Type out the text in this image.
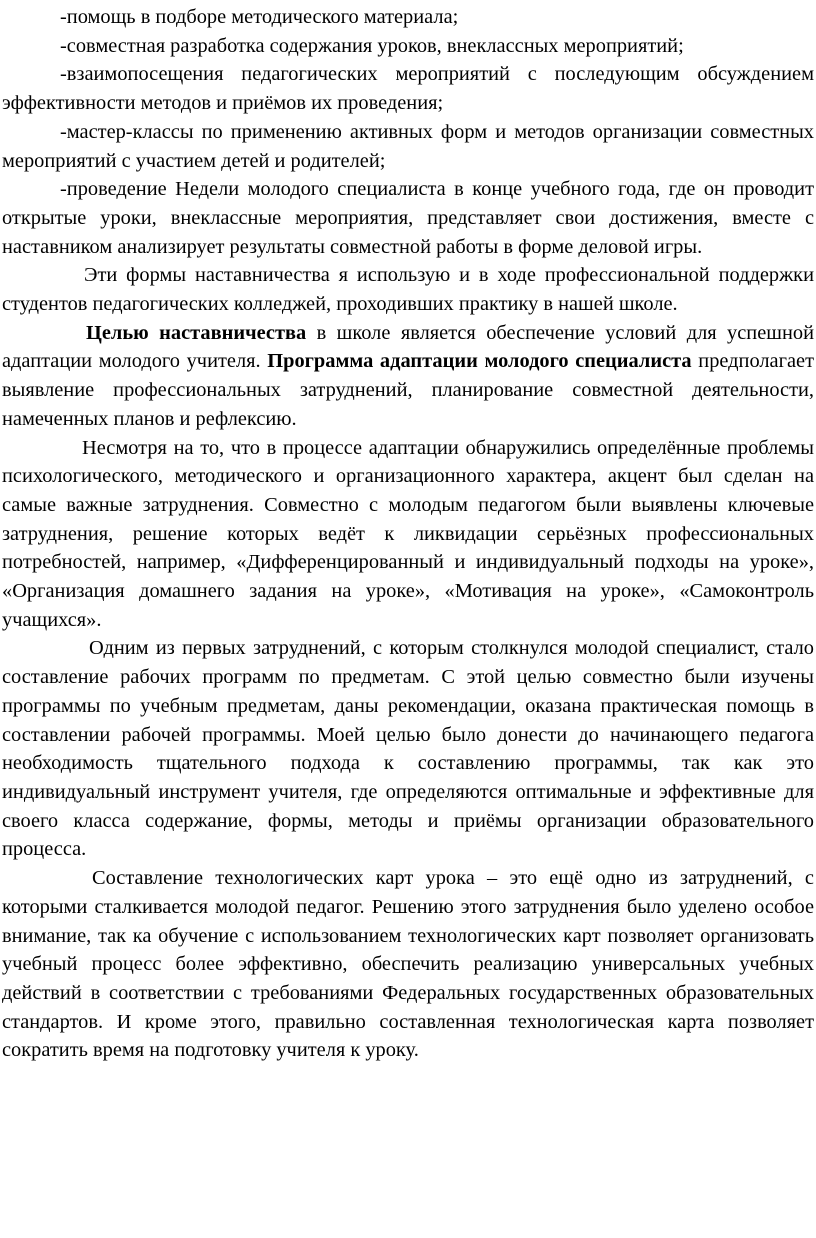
-помощь в подборе методического материала;

-совместная разработка содержания уроков, внеклассных мероприятий;

-взаимопосещения педагогических мероприятий с последующим обсуждением эффективности методов и приёмов их проведения;

-мастер-классы по применению активных форм и методов организации совместных мероприятий с участием детей и родителей;

-проведение Недели молодого специалиста в конце учебного года, где он проводит открытые уроки, внеклассные мероприятия, представляет свои достижения, вместе с наставником анализирует результаты совместной работы в форме деловой игры.

Эти формы наставничества я использую и в ходе профессиональной поддержки студентов педагогических колледжей, проходивших практику в нашей школе.

Целью наставничества в школе является обеспечение условий для успешной адаптации молодого учителя. Программа адаптации молодого специалиста предполагает выявление профессиональных затруднений, планирование совместной деятельности, намеченных планов и рефлексию.

Несмотря на то, что в процессе адаптации обнаружились определённые проблемы психологического, методического и организационного характера, акцент был сделан на самые важные затруднения. Совместно с молодым педагогом были выявлены ключевые затруднения, решение которых ведёт к ликвидации серьёзных профессиональных потребностей, например, «Дифференцированный и индивидуальный подходы на уроке», «Организация домашнего задания на уроке», «Мотивация на уроке», «Самоконтроль учащихся».

Одним из первых затруднений, с которым столкнулся молодой специалист, стало составление рабочих программ по предметам. С этой целью совместно были изучены программы по учебным предметам, даны рекомендации, оказана практическая помощь в составлении рабочей программы. Моей целью было донести до начинающего педагога необходимость тщательного подхода к составлению программы, так как это индивидуальный инструмент учителя, где определяются оптимальные и эффективные для своего класса содержание, формы, методы и приёмы организации образовательного процесса.

Составление технологических карт урока – это ещё одно из затруднений, с которыми сталкивается молодой педагог. Решению этого затруднения было уделено особое внимание, так ка обучение с использованием технологических карт позволяет организовать учебный процесс более эффективно, обеспечить реализацию универсальных учебных действий в соответствии с требованиями Федеральных государственных образовательных стандартов. И кроме этого, правильно составленная технологическая карта позволяет сократить время на подготовку учителя к уроку.
